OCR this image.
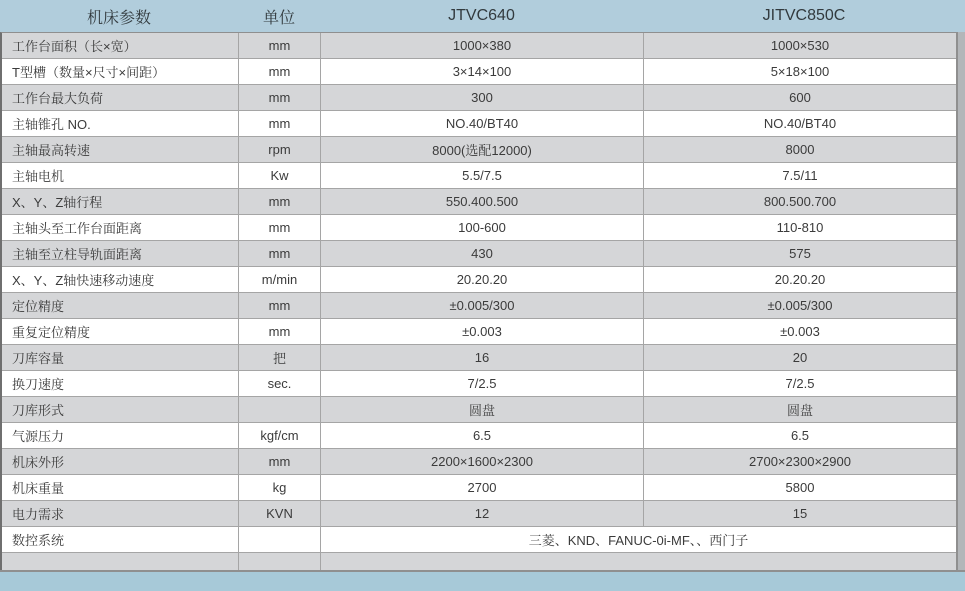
机床参数	单位	JTVC640	JITVC850C
工作台面积（长×宽）	mm	1000×380	1000×530
T型槽（数量×尺寸×间距）	mm	3×14×100	5×18×100
工作台最大负荷	mm	300	600
主轴锥孔 NO.	mm	NO.40/BT40	NO.40/BT40
主轴最高转速	rpm	8000(选配12000)	8000
主轴电机	Kw	5.5/7.5	7.5/11
X、Y、Z轴行程	mm	550.400.500	800.500.700
主轴头至工作台面距离	mm	100-600	110-810
主轴至立柱导轨面距离	mm	430	575
X、Y、Z轴快速移动速度	m/min	20.20.20	20.20.20
定位精度	mm	±0.005/300	±0.005/300
重复定位精度	mm	±0.003	±0.003
刀库容量	把	16	20
换刀速度	sec.	7/2.5	7/2.5
刀库形式		圆盘	圆盘
气源压力	kgf/cm	6.5	6.5
机床外形	mm	2200×1600×2300	2700×2300×2900
机床重量	kg	2700	5800
电力需求	KVN	12	15
数控系统		三菱、KND、FANUC-0i-MF、、西门子	
